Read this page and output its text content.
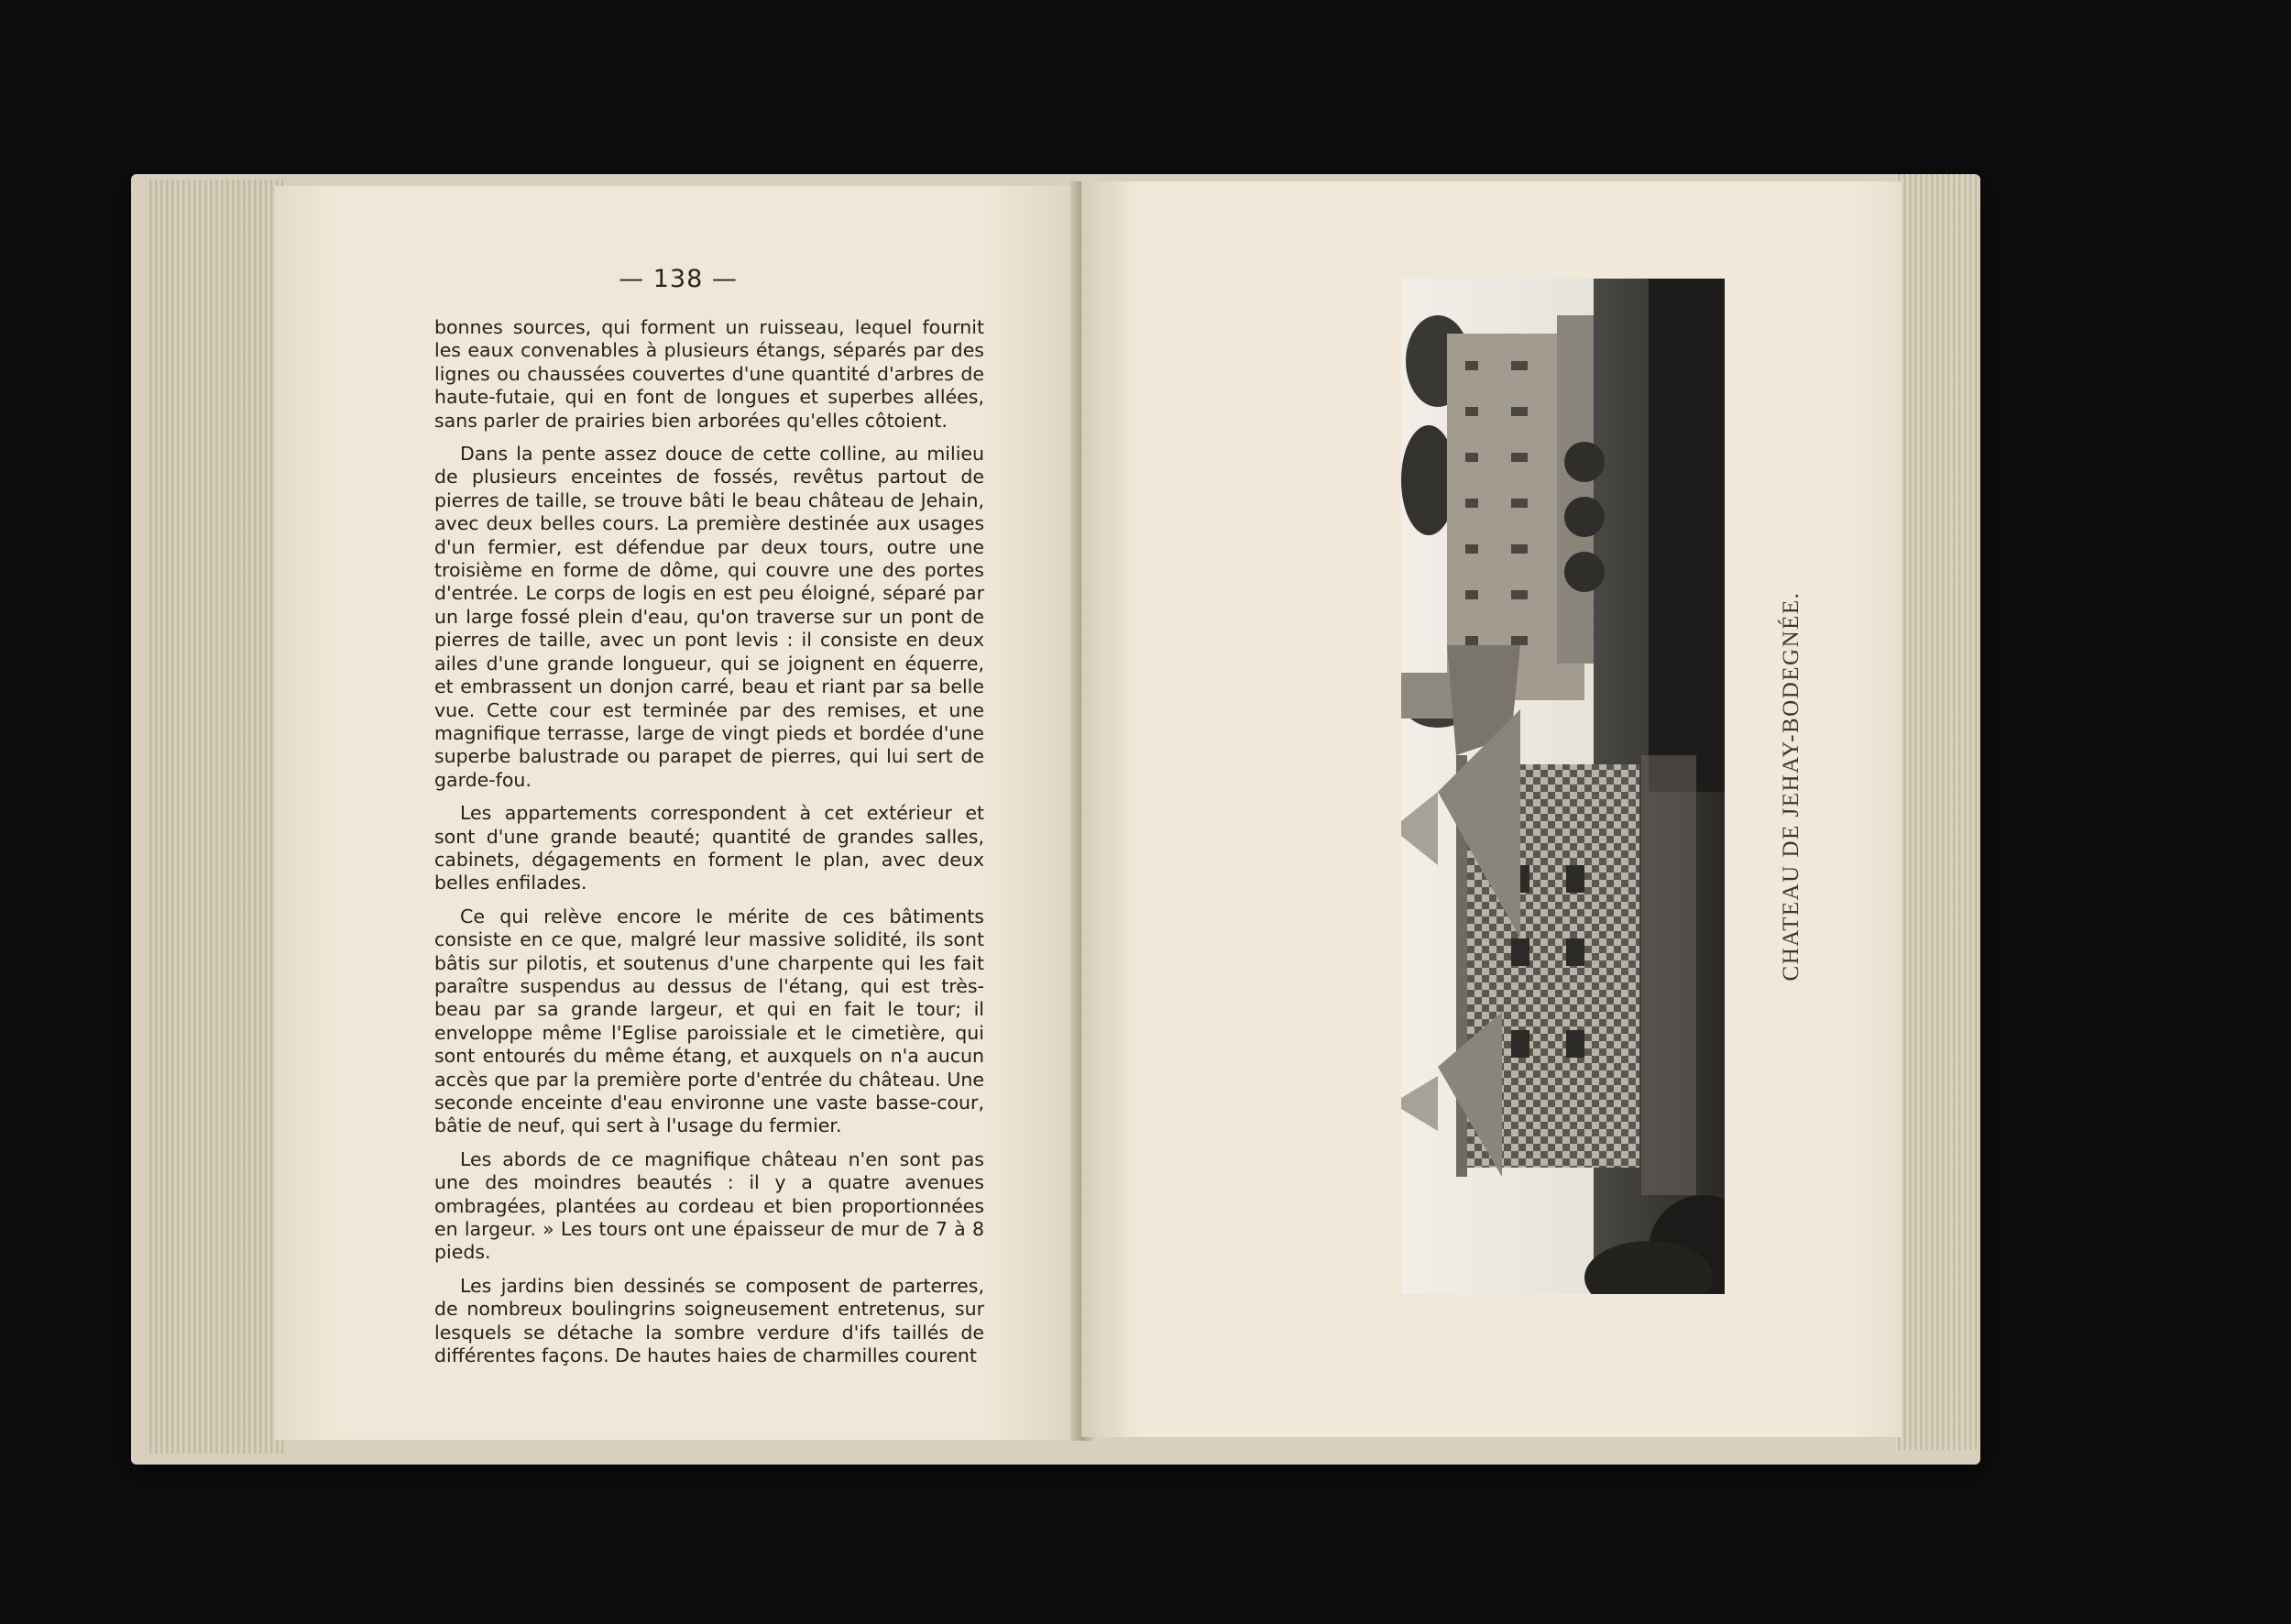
— 138 —

bonnes sources, qui forment un ruisseau, lequel fournit les eaux convenables à plusieurs étangs, séparés par des lignes ou chaussées couvertes d'une quantité d'arbres de haute-futaie, qui en font de longues et superbes allées, sans parler de prairies bien arborées qu'elles côtoient.

Dans la pente assez douce de cette colline, au milieu de plusieurs enceintes de fossés, revêtus partout de pierres de taille, se trouve bâti le beau château de Jehain, avec deux belles cours. La première destinée aux usages d'un fermier, est défendue par deux tours, outre une troisième en forme de dôme, qui couvre une des portes d'entrée. Le corps de logis en est peu éloigné, séparé par un large fossé plein d'eau, qu'on traverse sur un pont de pierres de taille, avec un pont levis : il consiste en deux ailes d'une grande longueur, qui se joignent en équerre, et embrassent un donjon carré, beau et riant par sa belle vue. Cette cour est terminée par des remises, et une magnifique terrasse, large de vingt pieds et bordée d'une superbe balustrade ou parapet de pierres, qui lui sert de garde-fou.

Les appartements correspondent à cet extérieur et sont d'une grande beauté; quantité de grandes salles, cabinets, dégagements en forment le plan, avec deux belles enfilades.

Ce qui relève encore le mérite de ces bâtiments consiste en ce que, malgré leur massive solidité, ils sont bâtis sur pilotis, et soutenus d'une charpente qui les fait paraître suspendus au dessus de l'étang, qui est très-beau par sa grande largeur, et qui en fait le tour; il enveloppe même l'Eglise paroissiale et le cimetière, qui sont entourés du même étang, et auxquels on n'a aucun accès que par la première porte d'entrée du château. Une seconde enceinte d'eau environne une vaste basse-cour, bâtie de neuf, qui sert à l'usage du fermier.

Les abords de ce magnifique château n'en sont pas une des moindres beautés : il y a quatre avenues ombragées, plantées au cordeau et bien proportionnées en largeur. » Les tours ont une épaisseur de mur de 7 à 8 pieds.

Les jardins bien dessinés se composent de parterres, de nombreux boulingrins soigneusement entretenus, sur lesquels se détache la sombre verdure d'ifs taillés de différentes façons. De hautes haies de charmilles courent

CHATEAU DE JEHAY-BODEGNÉE.
